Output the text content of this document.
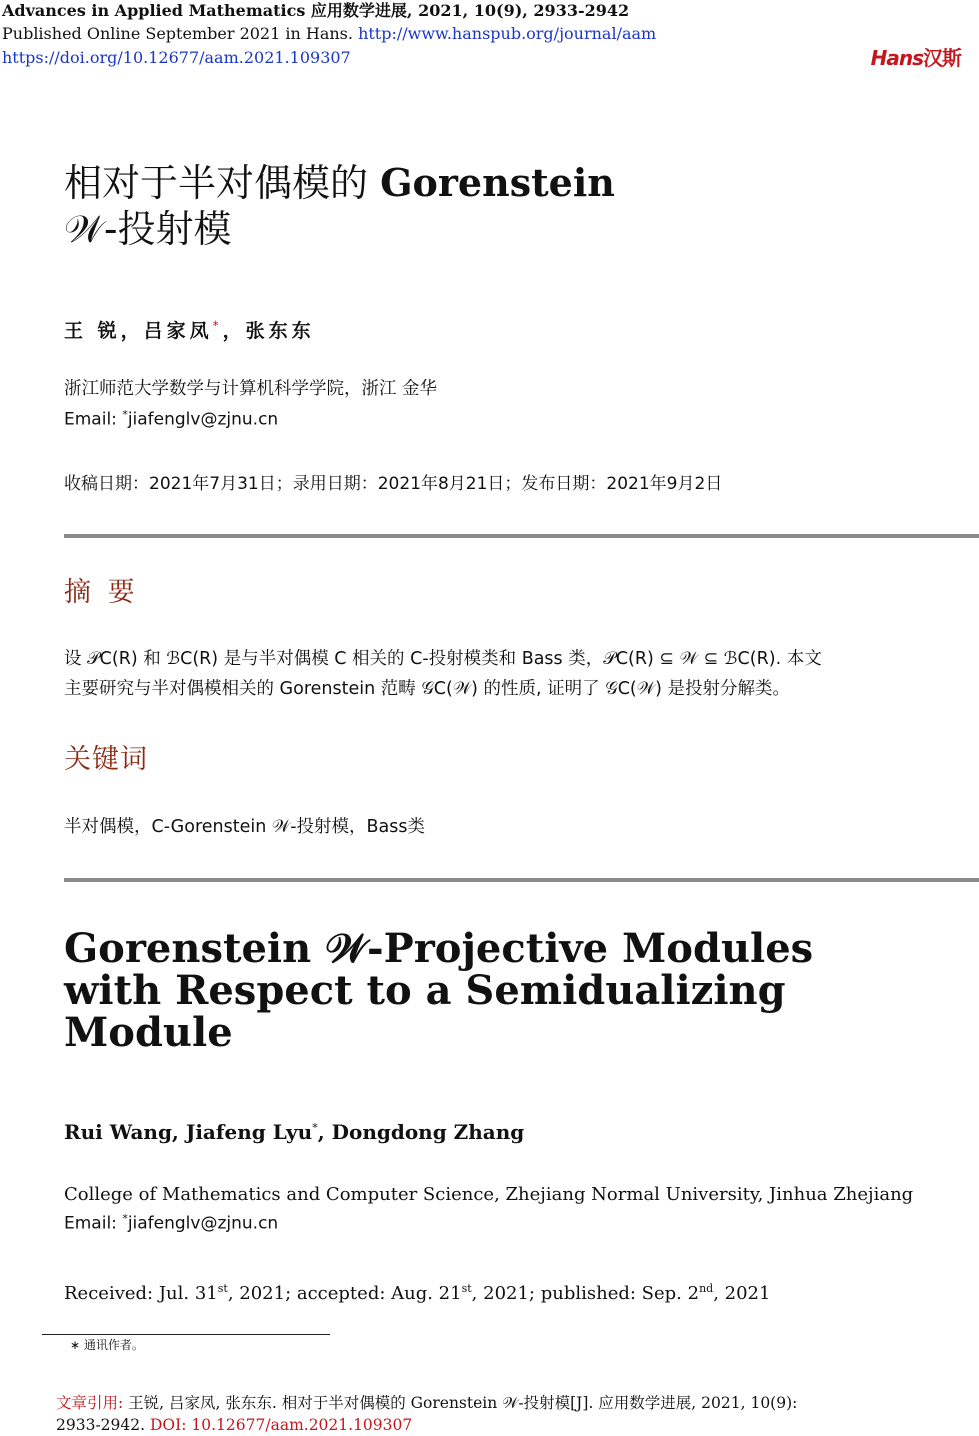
Advances in Applied Mathematics 应用数学进展, 2021, 10(9), 2933-2942
Published Online September 2021 in Hans. http://www.hanspub.org/journal/aam
https://doi.org/10.12677/aam.2021.109307	Hans汉斯
相对于半对偶模的 Gorenstein
𝒲-投射模
王 锐，吕家凤*，张东东
浙江师范大学数学与计算机科学学院，浙江 金华
Email: *jiafenglv@zjnu.cn
收稿日期：2021年7月31日；录用日期：2021年8月21日；发布日期：2021年9月2日
摘 要
设 𝒫C(R) 和 ℬC(R) 是与半对偶模 C 相关的 C-投射模类和 Bass 类，𝒫C(R) ⊆ 𝒲 ⊆ ℬC(R). 本文
主要研究与半对偶模相关的 Gorenstein 范畴 𝒢C(𝒲) 的性质, 证明了 𝒢C(𝒲) 是投射分解类。
关键词
半对偶模，C-Gorenstein 𝒲-投射模，Bass类
Gorenstein 𝒲-Projective Modules
with Respect to a Semidualizing
Module
Rui Wang, Jiafeng Lyu*, Dongdong Zhang
College of Mathematics and Computer Science, Zhejiang Normal University, Jinhua Zhejiang
Email: *jiafenglv@zjnu.cn
Received: Jul. 31st, 2021; accepted: Aug. 21st, 2021; published: Sep. 2nd, 2021
∗ 通讯作者。
文章引用: 王锐, 吕家凤, 张东东. 相对于半对偶模的 Gorenstein 𝒲-投射模[J]. 应用数学进展, 2021, 10(9):
2933-2942. DOI: 10.12677/aam.2021.109307
